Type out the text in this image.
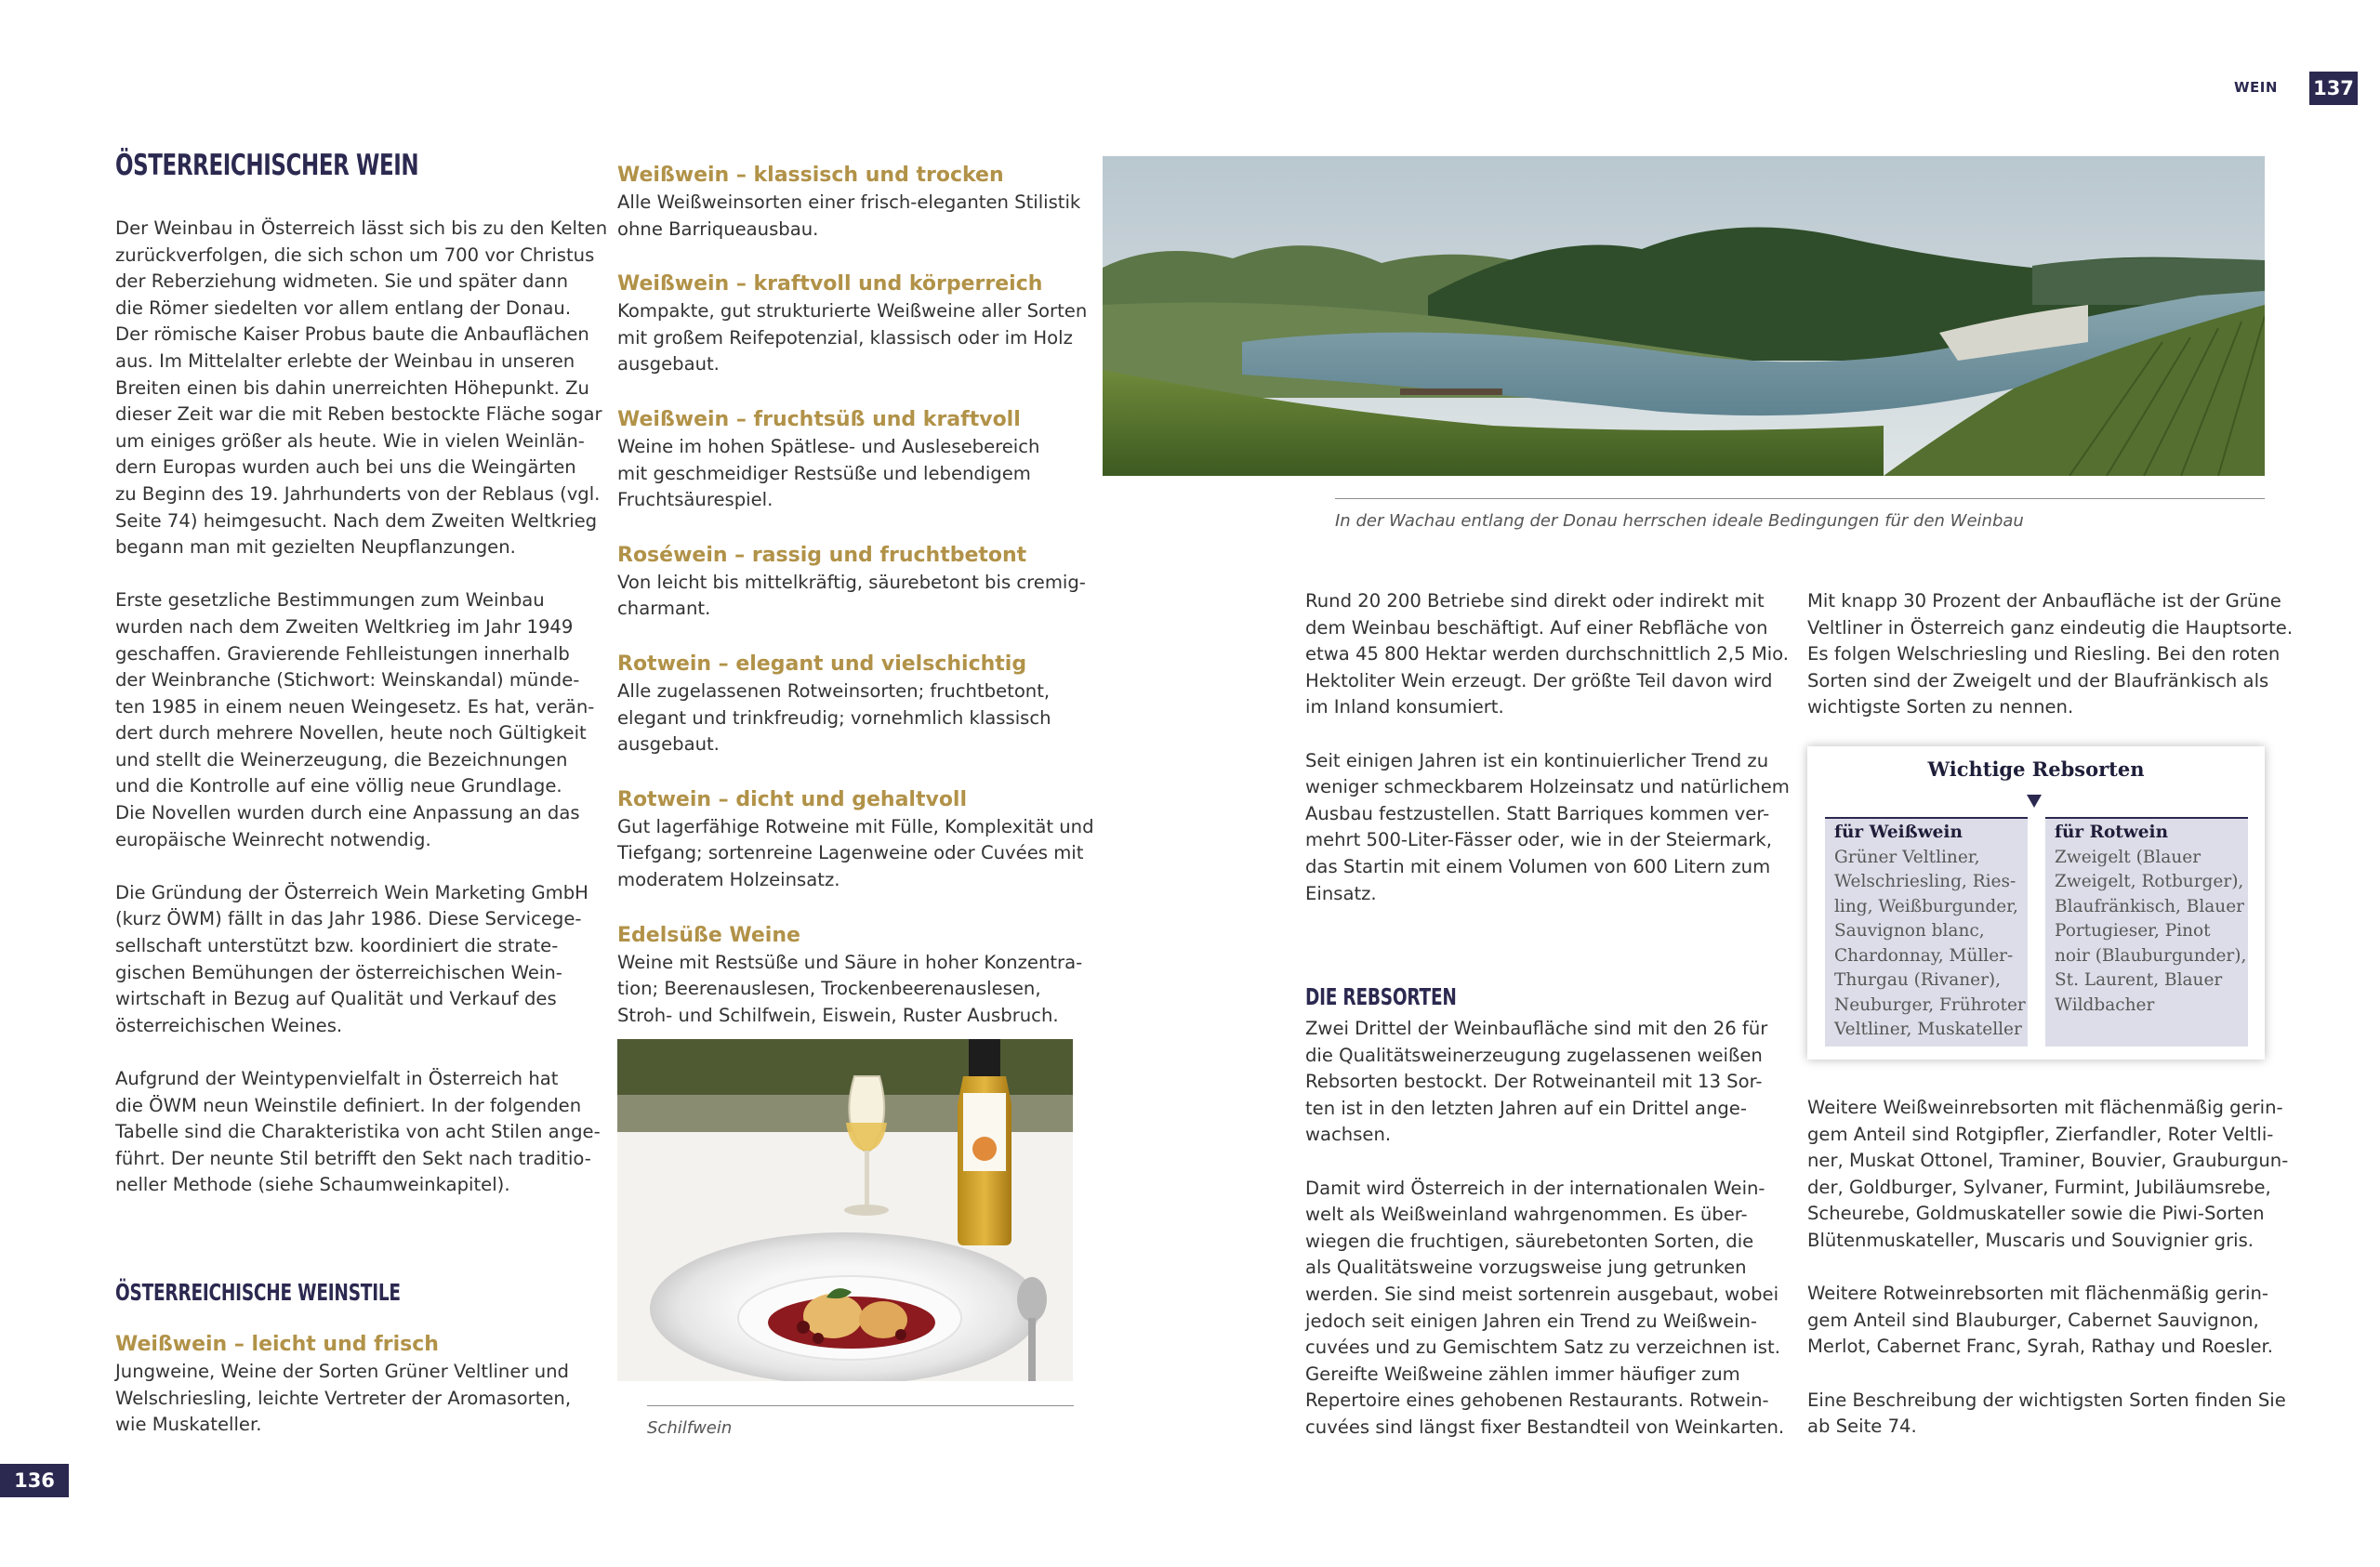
WEIN 137
136
ÖSTERREICHISCHER WEIN
Der Weinbau in Österreich lässt sich bis zu den Kelten
zurückverfolgen, die sich schon um 700 vor Christus
der Reberziehung widmeten. Sie und später dann
die Römer siedelten vor allem entlang der Donau.
Der römische Kaiser Probus baute die Anbauflächen
aus. Im Mittelalter erlebte der Weinbau in unseren
Breiten einen bis dahin unerreichten Höhepunkt. Zu
dieser Zeit war die mit Reben bestockte Fläche sogar
um einiges größer als heute. Wie in vielen Weinlän-
dern Europas wurden auch bei uns die Weingärten
zu Beginn des 19. Jahrhunderts von der Reblaus (vgl.
Seite 74) heimgesucht. Nach dem Zweiten Weltkrieg
begann man mit gezielten Neupflanzungen.
Erste gesetzliche Bestimmungen zum Weinbau
wurden nach dem Zweiten Weltkrieg im Jahr 1949
geschaffen. Gravierende Fehlleistungen innerhalb
der Weinbranche (Stichwort: Weinskandal) münde-
ten 1985 in einem neuen Weingesetz. Es hat, verän-
dert durch mehrere Novellen, heute noch Gültigkeit
und stellt die Weinerzeugung, die Bezeichnungen
und die Kontrolle auf eine völlig neue Grundlage.
Die Novellen wurden durch eine Anpassung an das
europäische Weinrecht notwendig.
Die Gründung der Österreich Wein Marketing GmbH
(kurz ÖWM) fällt in das Jahr 1986. Diese Servicege-
sellschaft unterstützt bzw. koordiniert die strate-
gischen Bemühungen der österreichischen Wein-
wirtschaft in Bezug auf Qualität und Verkauf des
österreichischen Weines.
Aufgrund der Weintypenvielfalt in Österreich hat
die ÖWM neun Weinstile definiert. In der folgenden
Tabelle sind die Charakteristika von acht Stilen ange-
führt. Der neunte Stil betrifft den Sekt nach traditio-
neller Methode (siehe Schaumweinkapitel).
ÖSTERREICHISCHE WEINSTILE

Weißwein – leicht und frisch

Jungweine, Weine der Sorten Grüner Veltliner und
Welschriesling, leichte Vertreter der Aromasorten,
wie Muskateller.

Weißwein – klassisch und trocken

Alle Weißweinsorten einer frisch-eleganten Stilistik
ohne Barriqueausbau.

Weißwein – kraftvoll und körperreich

Kompakte, gut strukturierte Weißweine aller Sorten
mit großem Reifepotenzial, klassisch oder im Holz
ausgebaut.

Weißwein – fruchtsüß und kraftvoll

Weine im hohen Spätlese- und Auslesebereich
mit geschmeidiger Restsüße und lebendigem
Fruchtsäurespiel.

Roséwein – rassig und fruchtbetont

Von leicht bis mittelkräftig, säurebetont bis cremig-
charmant.

Rotwein – elegant und vielschichtig

Alle zugelassenen Rotweinsorten; fruchtbetont,
elegant und trinkfreudig; vornehmlich klassisch
ausgebaut.

Rotwein – dicht und gehaltvoll

Gut lagerfähige Rotweine mit Fülle, Komplexität und
Tiefgang; sortenreine Lagenweine oder Cuvées mit
moderatem Holzeinsatz.

Edelsüße Weine

Weine mit Restsüße und Säure in hoher Konzentra-
tion; Beerenauslesen, Trockenbeerenauslesen,
Stroh- und Schilfwein, Eiswein, Ruster Ausbruch.
Schilfwein
In der Wachau entlang der Donau herrschen ideale Bedingungen für den Weinbau
Rund 20 200 Betriebe sind direkt oder indirekt mit
dem Weinbau beschäftigt. Auf einer Rebfläche von
etwa 45 800 Hektar werden durchschnittlich 2,5 Mio.
Hektoliter Wein erzeugt. Der größte Teil davon wird
im Inland konsumiert.
Seit einigen Jahren ist ein kontinuierlicher Trend zu
weniger schmeckbarem Holzeinsatz und natürlichem
Ausbau festzustellen. Statt Barriques kommen ver-
mehrt 500-Liter-Fässer oder, wie in der Steiermark,
das Startin mit einem Volumen von 600 Litern zum
Einsatz.
DIE REBSORTEN
Zwei Drittel der Weinbaufläche sind mit den 26 für
die Qualitätsweinerzeugung zugelassenen weißen
Rebsorten bestockt. Der Rotweinanteil mit 13 Sor-
ten ist in den letzten Jahren auf ein Drittel ange-
wachsen.
Damit wird Österreich in der internationalen Wein-
welt als Weißweinland wahrgenommen. Es über-
wiegen die fruchtigen, säurebetonten Sorten, die
als Qualitätsweine vorzugsweise jung getrunken
werden. Sie sind meist sortenrein ausgebaut, wobei
jedoch seit einigen Jahren ein Trend zu Weißwein-
cuvées und zu Gemischtem Satz zu verzeichnen ist.
Gereifte Weißweine zählen immer häufiger zum
Repertoire eines gehobenen Restaurants. Rotwein-
cuvées sind längst fixer Bestandteil von Weinkarten.
Mit knapp 30 Prozent der Anbaufläche ist der Grüne
Veltliner in Österreich ganz eindeutig die Hauptsorte.
Es folgen Welschriesling und Riesling. Bei den roten
Sorten sind der Zweigelt und der Blaufränkisch als
wichtigste Sorten zu nennen.
Wichtige Rebsorten
für Weißwein
Grüner Veltliner,
Welschriesling, Ries-
ling, Weißburgunder,
Sauvignon blanc,
Chardonnay, Müller-
Thurgau (Rivaner),
Neuburger, Frühroter
Veltliner, Muskateller
für Rotwein
Zweigelt (Blauer
Zweigelt, Rotburger),
Blaufränkisch, Blauer
Portugieser, Pinot
noir (Blauburgunder),
St. Laurent, Blauer
Wildbacher
Weitere Weißweinrebsorten mit flächenmäßig gerin-
gem Anteil sind Rotgipfler, Zierfandler, Roter Veltli-
ner, Muskat Ottonel, Traminer, Bouvier, Grauburgun-
der, Goldburger, Sylvaner, Furmint, Jubiläumsrebe,
Scheurebe, Goldmuskateller sowie die Piwi-Sorten
Blütenmuskateller, Muscaris und Souvignier gris.
Weitere Rotweinrebsorten mit flächenmäßig gerin-
gem Anteil sind Blauburger, Cabernet Sauvignon,
Merlot, Cabernet Franc, Syrah, Rathay und Roesler.
Eine Beschreibung der wichtigsten Sorten finden Sie
ab Seite 74.
